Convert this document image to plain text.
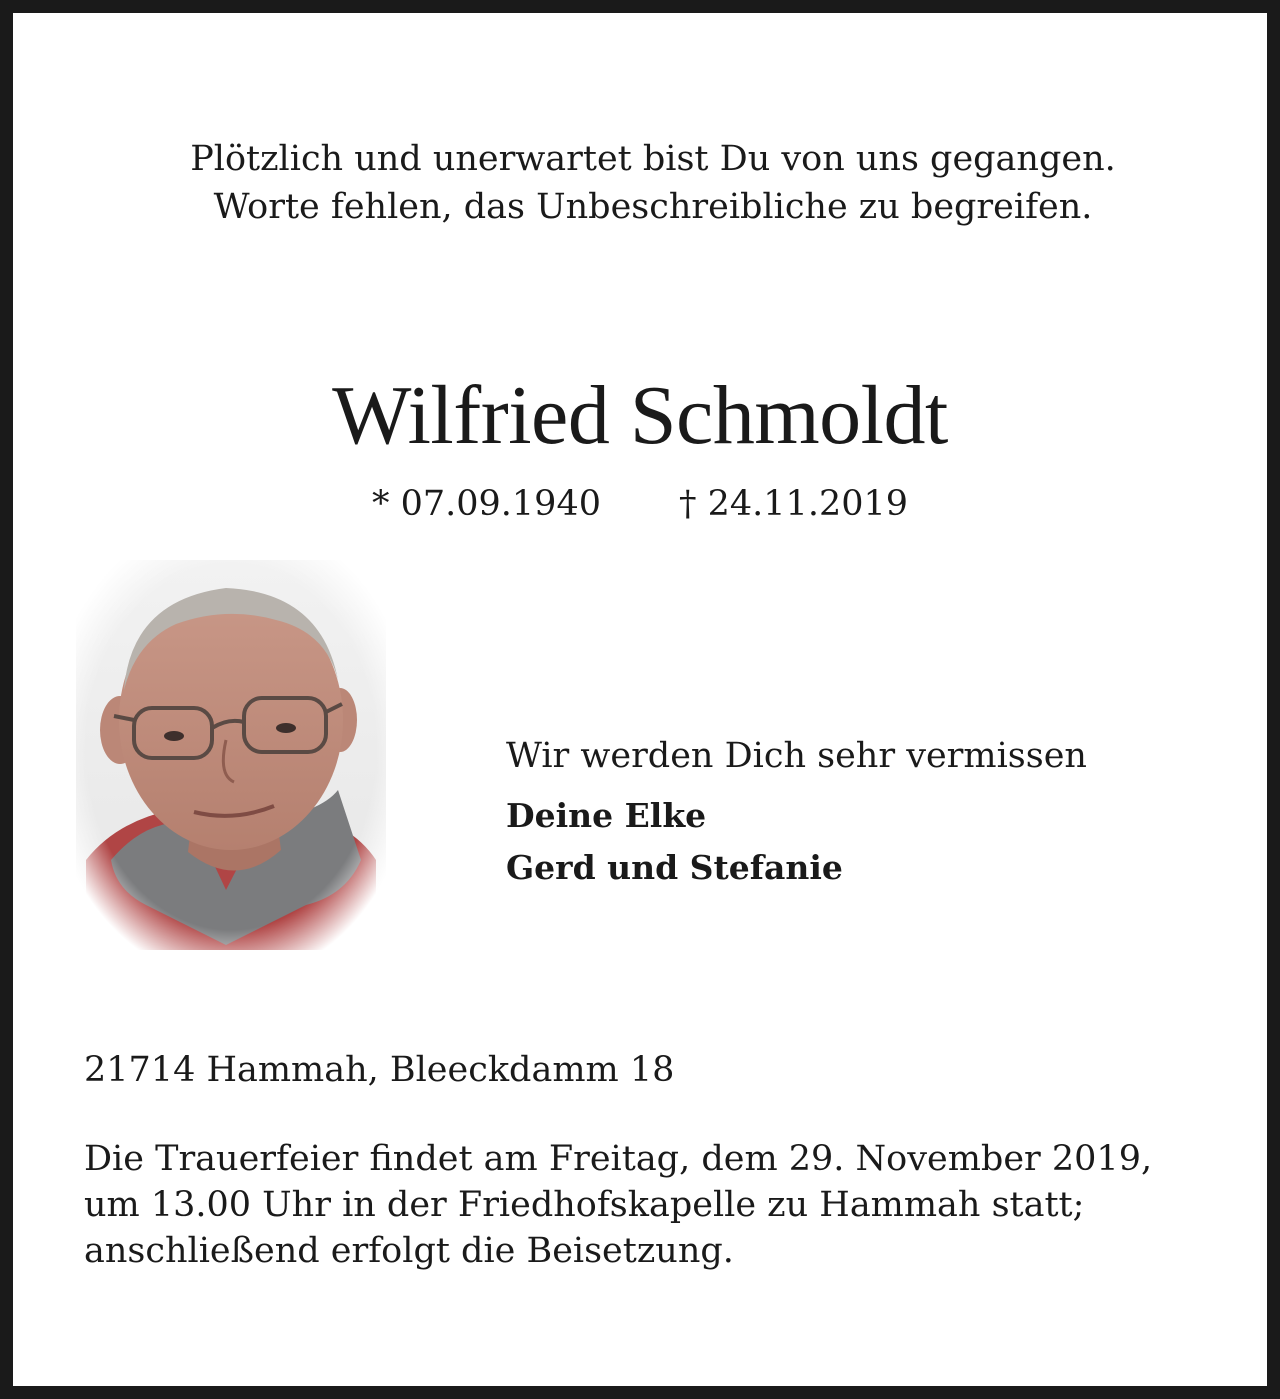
Plötzlich und unerwartet bist Du von uns gegangen.
Worte fehlen, das Unbeschreibliche zu begreifen.
Wilfried Schmoldt
* 07.09.1940 † 24.11.2019
Wir werden Dich sehr vermissen
Deine Elke
Gerd und Stefanie
21714 Hammah, Bleeckdamm 18
Die Trauerfeier findet am Freitag, dem 29. November 2019,
um 13.00 Uhr in der Friedhofskapelle zu Hammah statt;
anschließend erfolgt die Beisetzung.
